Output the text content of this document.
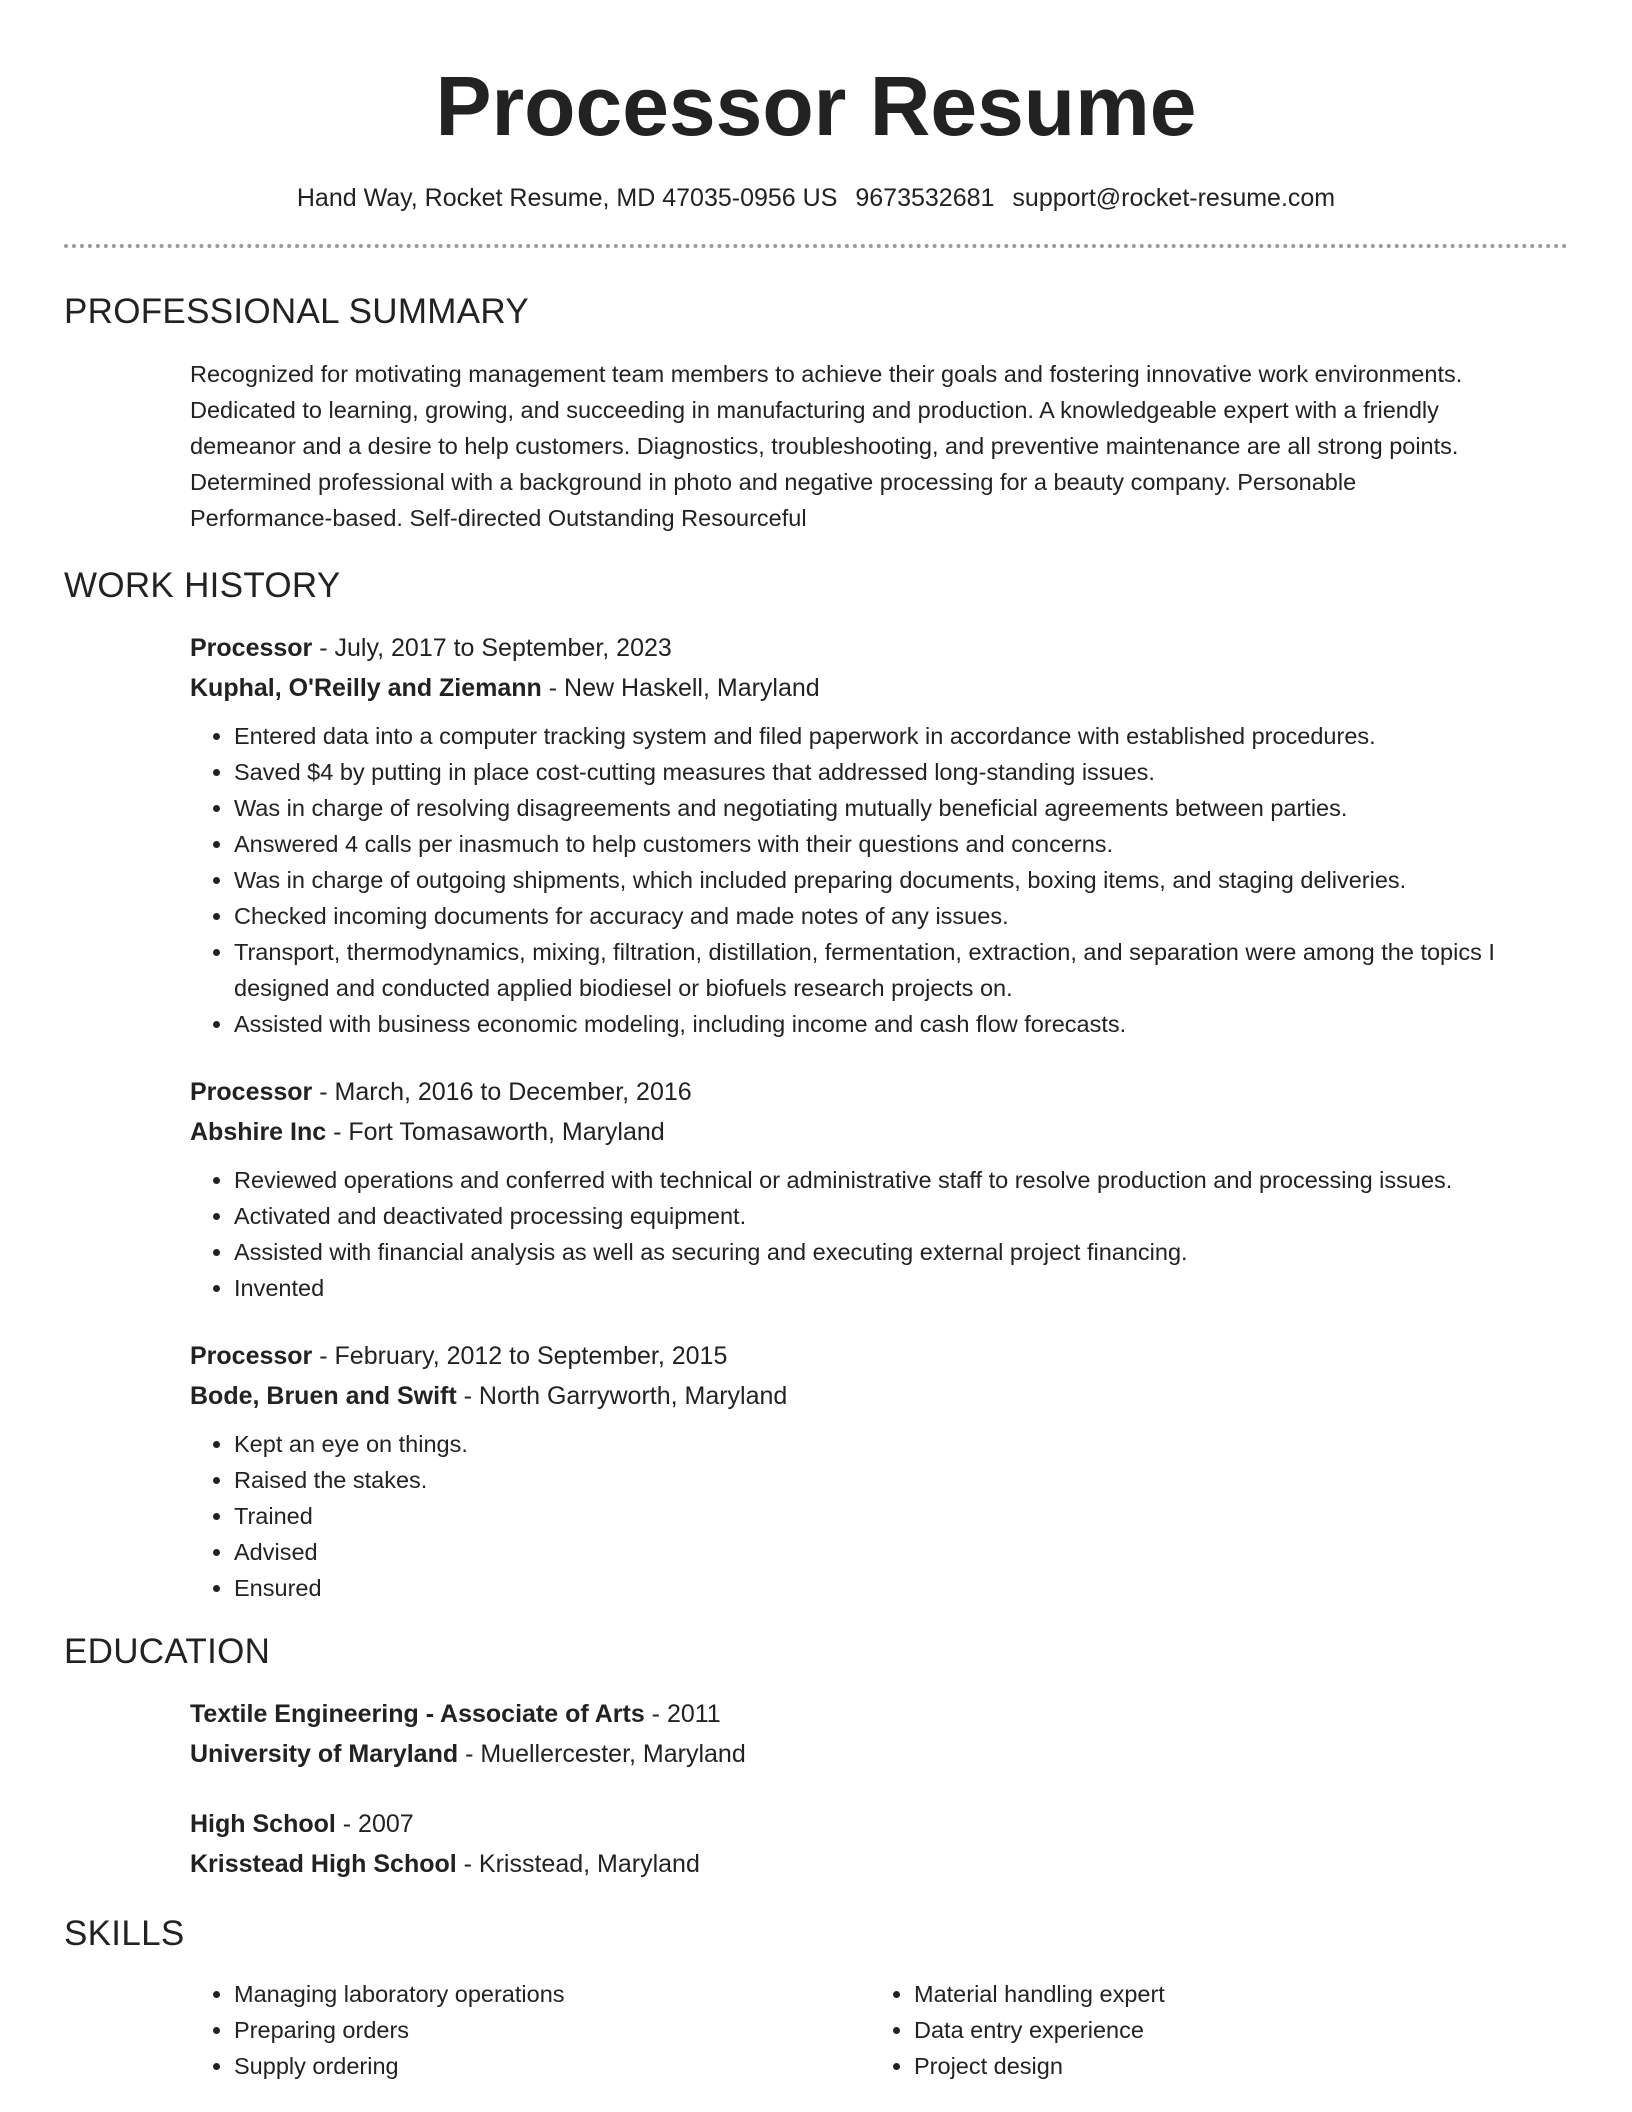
Processor Resume
Hand Way, Rocket Resume, MD 47035-0956 US 9673532681 support@rocket-resume.com
PROFESSIONAL SUMMARY
Recognized for motivating management team members to achieve their goals and fostering innovative work environments.
Dedicated to learning, growing, and succeeding in manufacturing and production. A knowledgeable expert with a friendly
demeanor and a desire to help customers. Diagnostics, troubleshooting, and preventive maintenance are all strong points.
Determined professional with a background in photo and negative processing for a beauty company. Personable
Performance-based. Self-directed Outstanding Resourceful
WORK HISTORY
Processor - July, 2017 to September, 2023
Kuphal, O'Reilly and Ziemann - New Haskell, Maryland
• Entered data into a computer tracking system and filed paperwork in accordance with established procedures.
• Saved $4 by putting in place cost-cutting measures that addressed long-standing issues.
• Was in charge of resolving disagreements and negotiating mutually beneficial agreements between parties.
• Answered 4 calls per inasmuch to help customers with their questions and concerns.
• Was in charge of outgoing shipments, which included preparing documents, boxing items, and staging deliveries.
• Checked incoming documents for accuracy and made notes of any issues.
• Transport, thermodynamics, mixing, filtration, distillation, fermentation, extraction, and separation were among the topics I designed and conducted applied biodiesel or biofuels research projects on.
• Assisted with business economic modeling, including income and cash flow forecasts.
Processor - March, 2016 to December, 2016
Abshire Inc - Fort Tomasaworth, Maryland
• Reviewed operations and conferred with technical or administrative staff to resolve production and processing issues.
• Activated and deactivated processing equipment.
• Assisted with financial analysis as well as securing and executing external project financing.
• Invented
Processor - February, 2012 to September, 2015
Bode, Bruen and Swift - North Garryworth, Maryland
• Kept an eye on things.
• Raised the stakes.
• Trained
• Advised
• Ensured
EDUCATION
Textile Engineering - Associate of Arts - 2011
University of Maryland - Muellercester, Maryland
High School - 2007
Krisstead High School - Krisstead, Maryland
SKILLS
• Managing laboratory operations
• Preparing orders
• Supply ordering
• Material handling expert
• Data entry experience
• Project design
